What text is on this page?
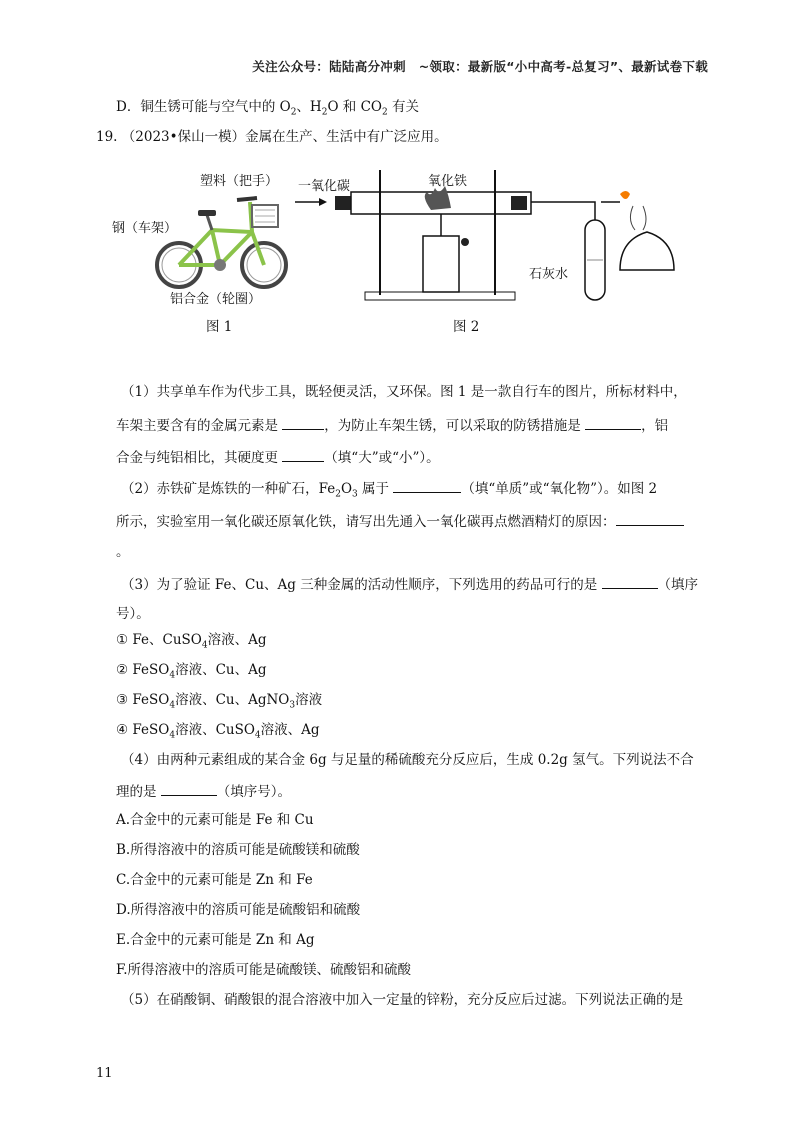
关注公众号：陆陆高分冲刺　~领取：最新版“小中高考-总复习”、最新试卷下载
D．铜生锈可能与空气中的 $O_2$、$H_2O$ 和 $CO_2$ 有关
19. （2023•保山一模）金属在生产、生活中有广泛应用。
塑料（把手）
钢（车架）
铝合金（轮圈）
图 1
一氧化碳	氧化铁
石灰水
图 2
（1）共享单车作为代步工具，既轻便灵活，又环保。图 1 是一款自行车的图片，所标材料中，
车架主要含有的金属元素是	，为防止车架生锈，可以采取的防锈措施是	，铝
合金与纯铝相比，其硬度更	（填“大”或“小”）。
（2）赤铁矿是炼铁的一种矿石，$Fe_2O_3$ 属于	（填“单质”或“氧化物”）。如图 2
所示，实验室用一氧化碳还原氧化铁，请写出先通入一氧化碳再点燃酒精灯的原因：
。
（3）为了验证 Fe、Cu、Ag 三种金属的活动性顺序，下列选用的药品可行的是	（填序
号）。
① Fe、CuSO$_4$溶液、Ag
② FeSO$_4$溶液、Cu、Ag
③ FeSO$_4$溶液、Cu、AgNO$_3$溶液
④ FeSO$_4$溶液、CuSO$_4$溶液、Ag
（4）由两种元素组成的某合金 6g 与足量的稀硫酸充分反应后，生成 0.2g 氢气。下列说法不合
理的是	（填序号）。
A.合金中的元素可能是 Fe 和 Cu
B.所得溶液中的溶质可能是硫酸镁和硫酸
C.合金中的元素可能是 Zn 和 Fe
D.所得溶液中的溶质可能是硫酸铝和硫酸
E.合金中的元素可能是 Zn 和 Ag
F.所得溶液中的溶质可能是硫酸镁、硫酸铝和硫酸
（5）在硝酸铜、硝酸银的混合溶液中加入一定量的锌粉，充分反应后过滤。下列说法正确的是
11
